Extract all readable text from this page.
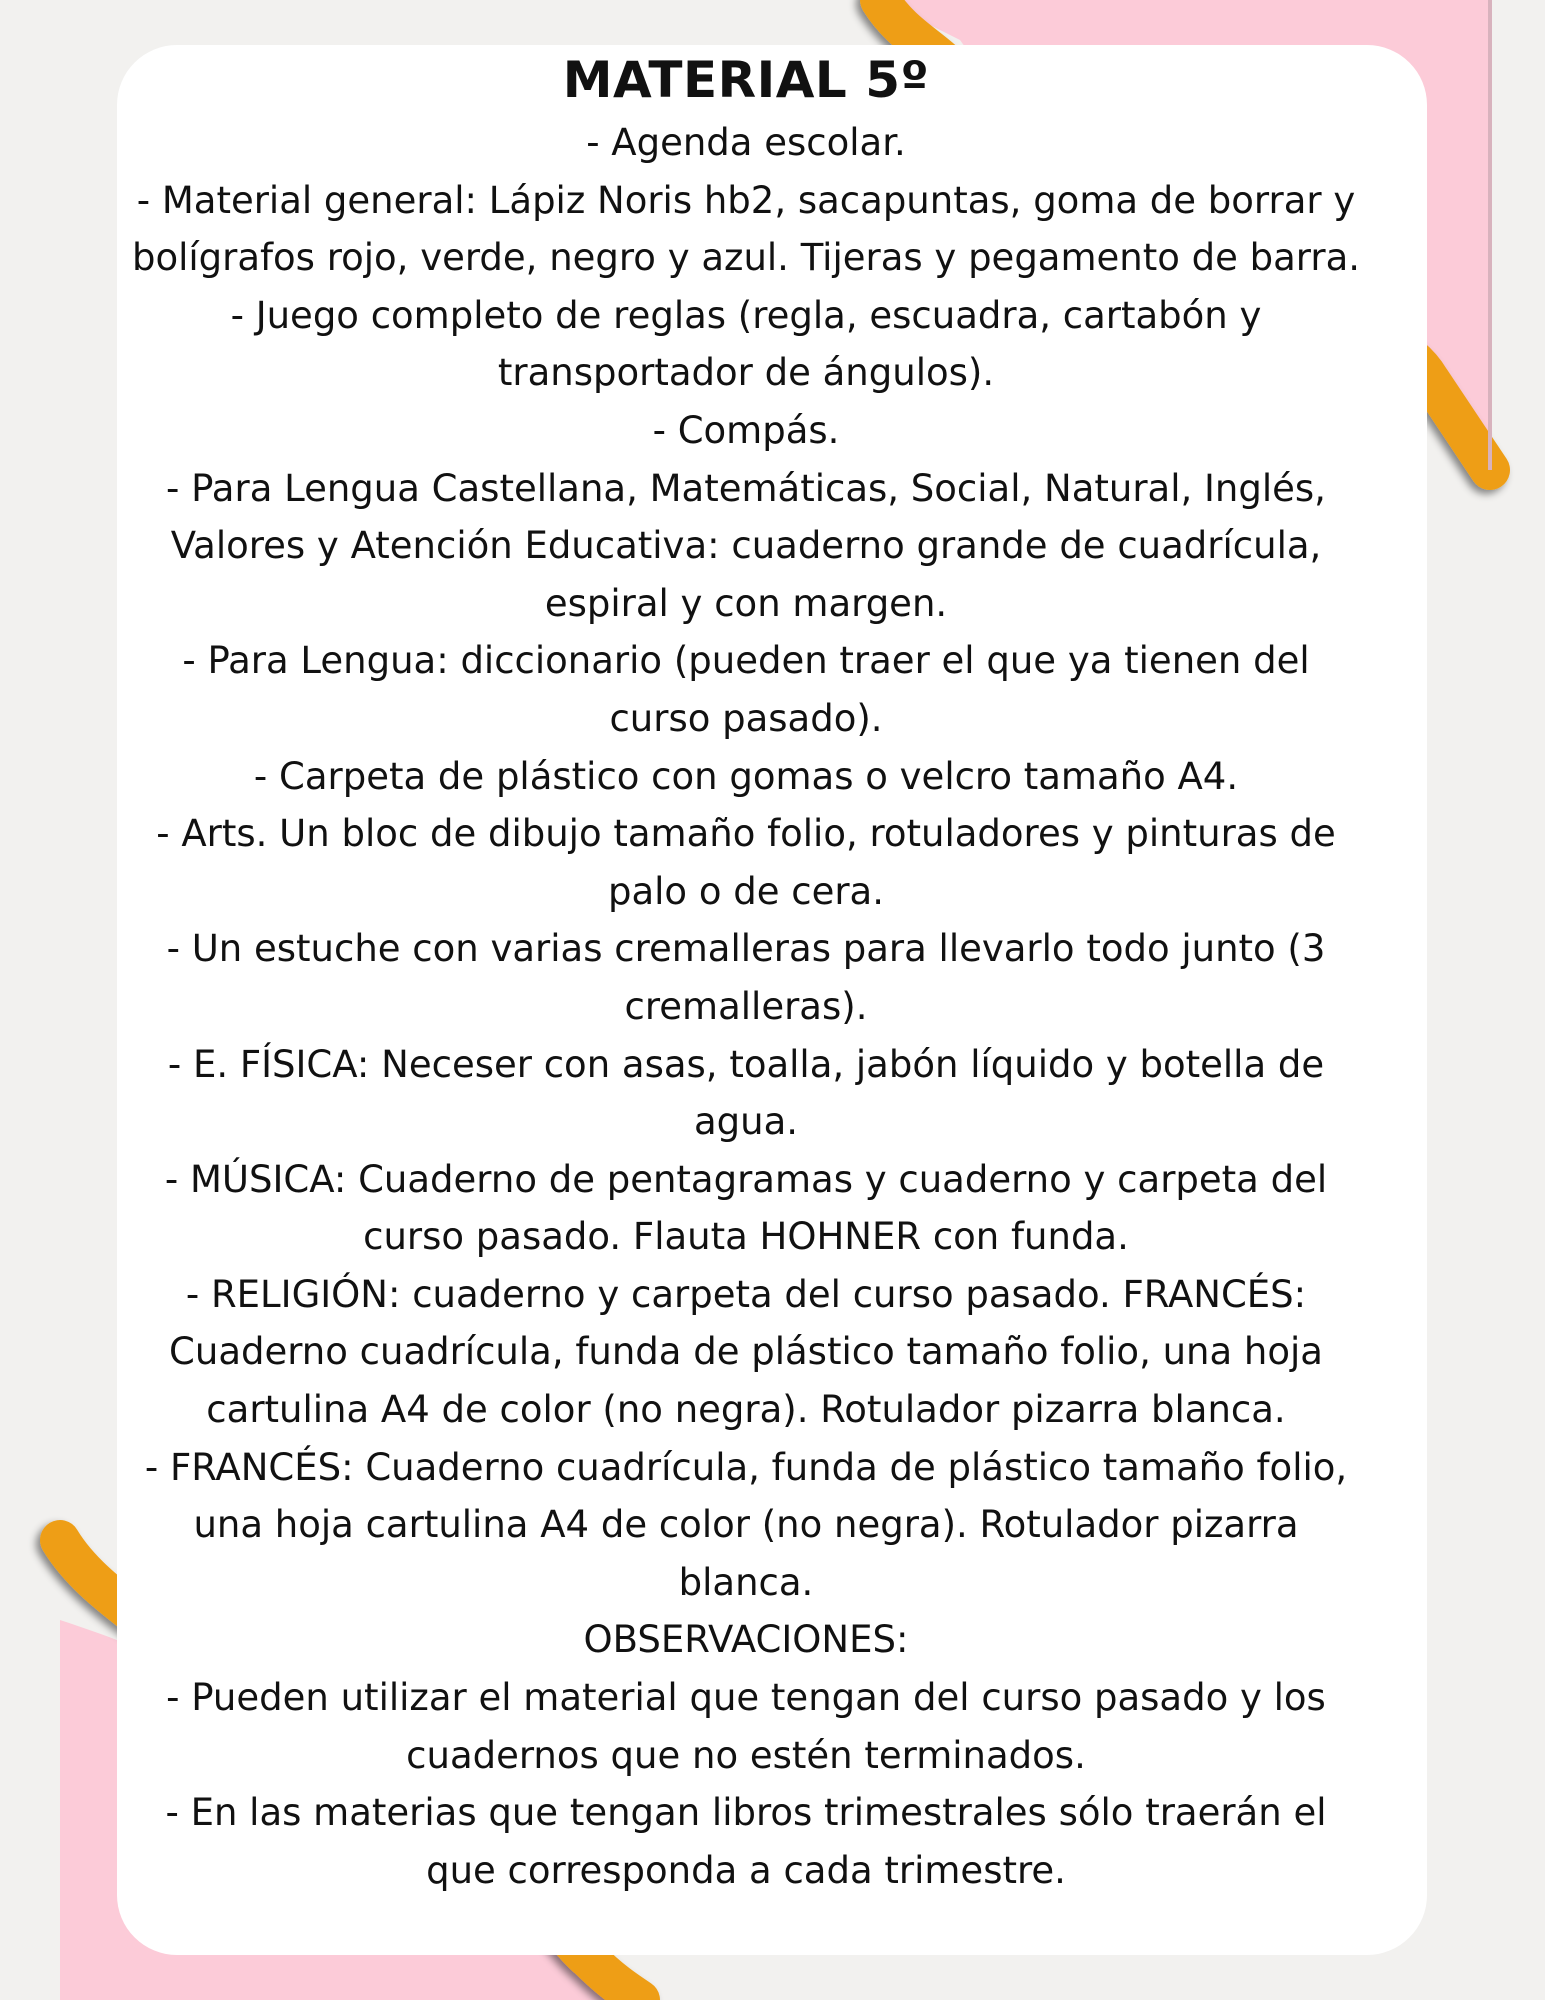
MATERIAL 5º

- Agenda escolar.

- Material general: Lápiz Noris hb2, sacapuntas, goma de borrar y

bolígrafos rojo, verde, negro y azul. Tijeras y pegamento de barra.

- Juego completo de reglas (regla, escuadra, cartabón y

transportador de ángulos).

- Compás.

- Para Lengua Castellana, Matemáticas, Social, Natural, Inglés,

Valores y Atención Educativa: cuaderno grande de cuadrícula,

espiral y con margen.

- Para Lengua: diccionario (pueden traer el que ya tienen del

curso pasado).

- Carpeta de plástico con gomas o velcro tamaño A4.

- Arts. Un bloc de dibujo tamaño folio, rotuladores y pinturas de

palo o de cera.

- Un estuche con varias cremalleras para llevarlo todo junto (3

cremalleras).

- E. FÍSICA: Neceser con asas, toalla, jabón líquido y botella de

agua.

- MÚSICA: Cuaderno de pentagramas y cuaderno y carpeta del

curso pasado. Flauta HOHNER con funda.

- RELIGIÓN: cuaderno y carpeta del curso pasado. FRANCÉS:

Cuaderno cuadrícula, funda de plástico tamaño folio, una hoja

cartulina A4 de color (no negra). Rotulador pizarra blanca.

- FRANCÉS: Cuaderno cuadrícula, funda de plástico tamaño folio,

una hoja cartulina A4 de color (no negra). Rotulador pizarra

blanca.

OBSERVACIONES:

- Pueden utilizar el material que tengan del curso pasado y los

cuadernos que no estén terminados.

- En las materias que tengan libros trimestrales sólo traerán el

que corresponda a cada trimestre.
